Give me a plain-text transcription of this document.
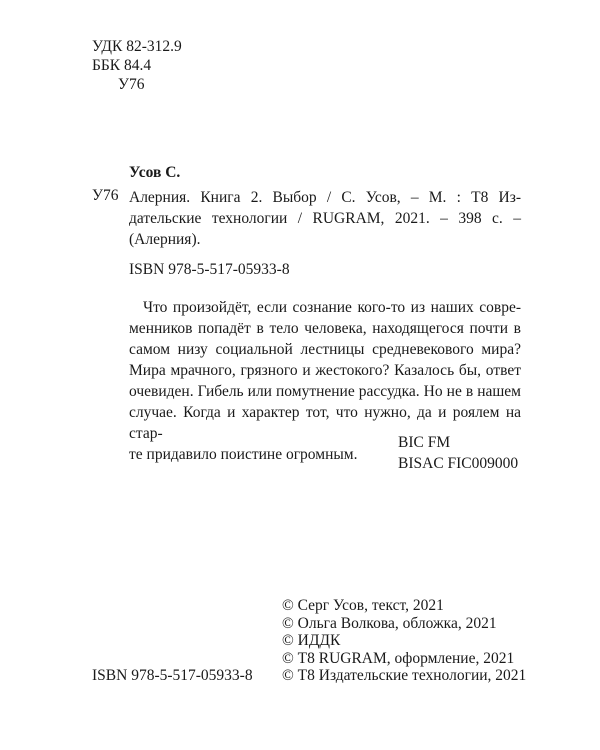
УДК 82-312.9
ББК 84.4
У76
Усов С.
У76 Алерния. Книга 2. Выбор / С. Усов, – М. : Т8 Из-
дательские технологии / RUGRAM, 2021. – 398 с. –
(Алерния).
ISBN 978-5-517-05933-8
Что произойдёт, если сознание кого-то из наших совре-
менников попадёт в тело человека, находящегося почти в
самом низу социальной лестницы средневекового мира?
Мира мрачного, грязного и жестокого? Казалось бы, ответ
очевиден. Гибель или помутнение рассудка. Но не в нашем
случае. Когда и характер тот, что нужно, да и роялем на стар-
те придавило поистине огромным.
BIC FM
BISAC FIC009000
ISBN 978-5-517-05933-8
© Серг Усов, текст, 2021
© Ольга Волкова, обложка, 2021
© ИДДК
© Т8 RUGRAM, оформление, 2021
© Т8 Издательские технологии, 2021
